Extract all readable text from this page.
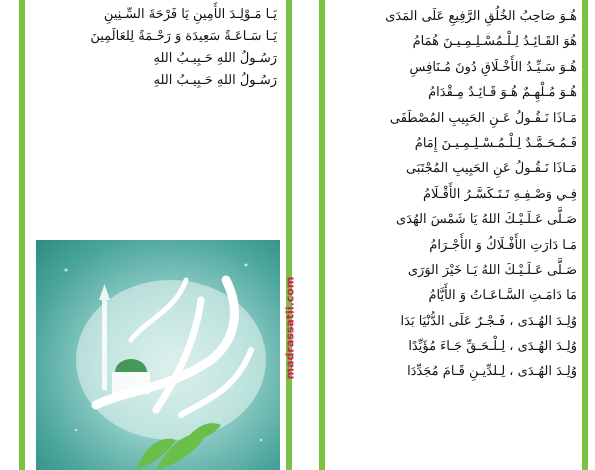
يَـا مَـوْلِـدَ الأَمِينِ يَا فَرْحَةَ السِّـنِينِ
يَـا سَـاعَـةً سَعِيدَة وَ رَحْـمَةً لِلعَالَمِينَ
رَسُـولُ اللهِ حَـبِيـبُ اللهِ
رَسُـولُ اللهِ حَـبِيـبُ اللهِ
هُـوَ صَاحِبُ الخُلُقِ الرَّفِيعِ عَلَى المَدَى
هُوَ القَـائِـدُ لِـلْـمُسْـلِـمِـيـنَ هُمَامُ
هُـوَ سَـيِّـدُ الأَخْـلَاقِ دُونَ مُـنَافِسِ
هُـوَ مُـلْهِـمٌ هُـوَ قَـائِـدٌ مِـقْدَامُ
مَـاذَا نَـقُـولُ عَـنِ الحَبِيبِ المُصْطَفَى
فَـمُـحَـمَّـدٌ لِـلْـمُـسْـلِـمِـيـنَ إِمَامُ
مَـاذَا نَـقُـولُ عَنِ الحَبِيبِ المُجْتَبَى
فِـي وَصْـفِـهِ تَـتَـكَسَّـرُ الأَقْـلَامُ
صَـلَّى عَـلَـيْـكَ اللهُ يَا شَمْسَ الهُدَى
مَـا دَارَتِ الأَفْـلَاكُ وَ الأَجْـرَامُ
صَـلَّى عَـلَـيْـكَ اللهُ يَـا خَيْرَ الوَرَى
مَا دَامَـتِ السَّـاعَـاتُ وَ الأَيَّامُ
وُلِـدَ الهُـدَى ، فَـجْـرٌ عَلَى الدُّنْيَا بَدَا
وُلِـدَ الهُـدَى ، لِـلْـحَـقِّ جَـاءَ مُؤَيِّدًا
وُلِـدَ الهُـدَى ، لِـلدِّيـنِ قَـامَ مُجَدِّدَا
madrassatii.com
